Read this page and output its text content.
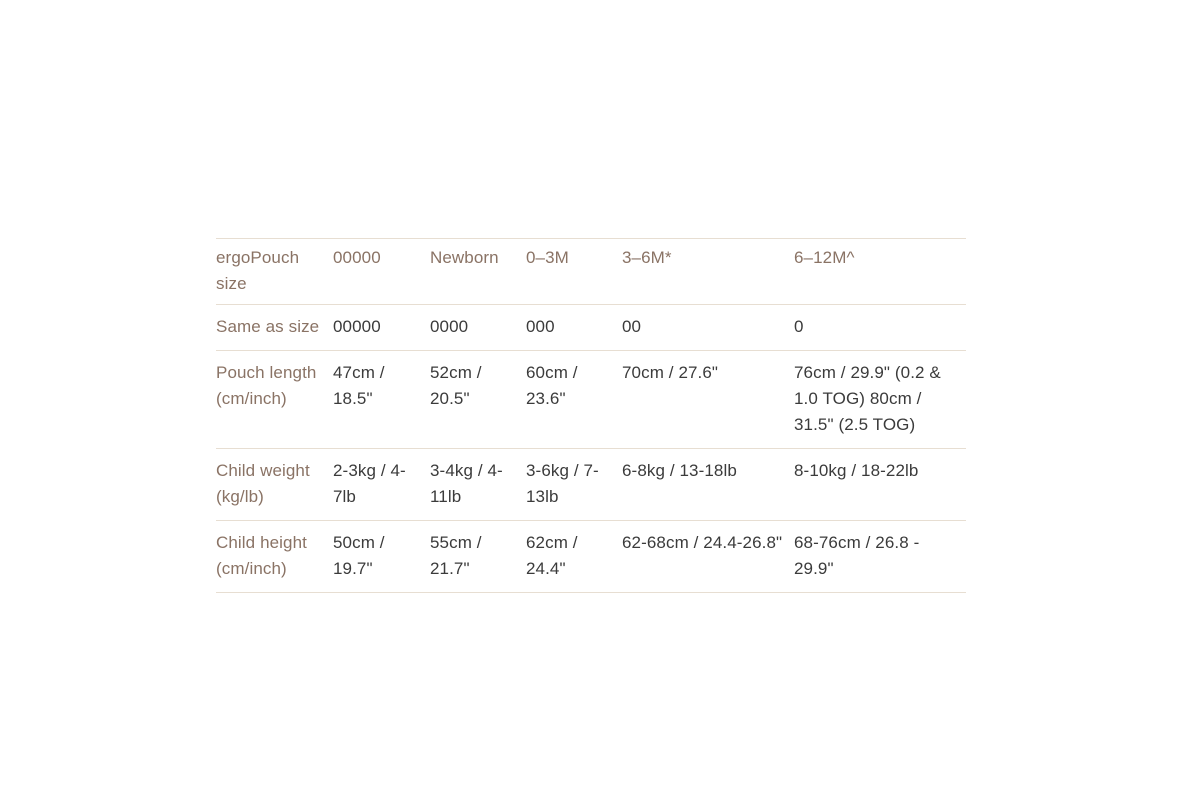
ergoPouch size	00000	Newborn	0–3M	3–6M*	6–12M^
Same as size	00000	0000	000	00	0
Pouch length (cm/inch)	47cm / 18.5"	52cm / 20.5"	60cm / 23.6"	70cm / 27.6"	76cm / 29.9" (0.2 & 1.0 TOG) 80cm / 31.5" (2.5 TOG)
Child weight (kg/lb)	2-3kg / 4-7lb	3-4kg / 4-11lb	3-6kg / 7-13lb	6-8kg / 13-18lb	8-10kg / 18-22lb
Child height (cm/inch)	50cm / 19.7"	55cm / 21.7"	62cm / 24.4"	62-68cm / 24.4-26.8"	68-76cm / 26.8 - 29.9"
